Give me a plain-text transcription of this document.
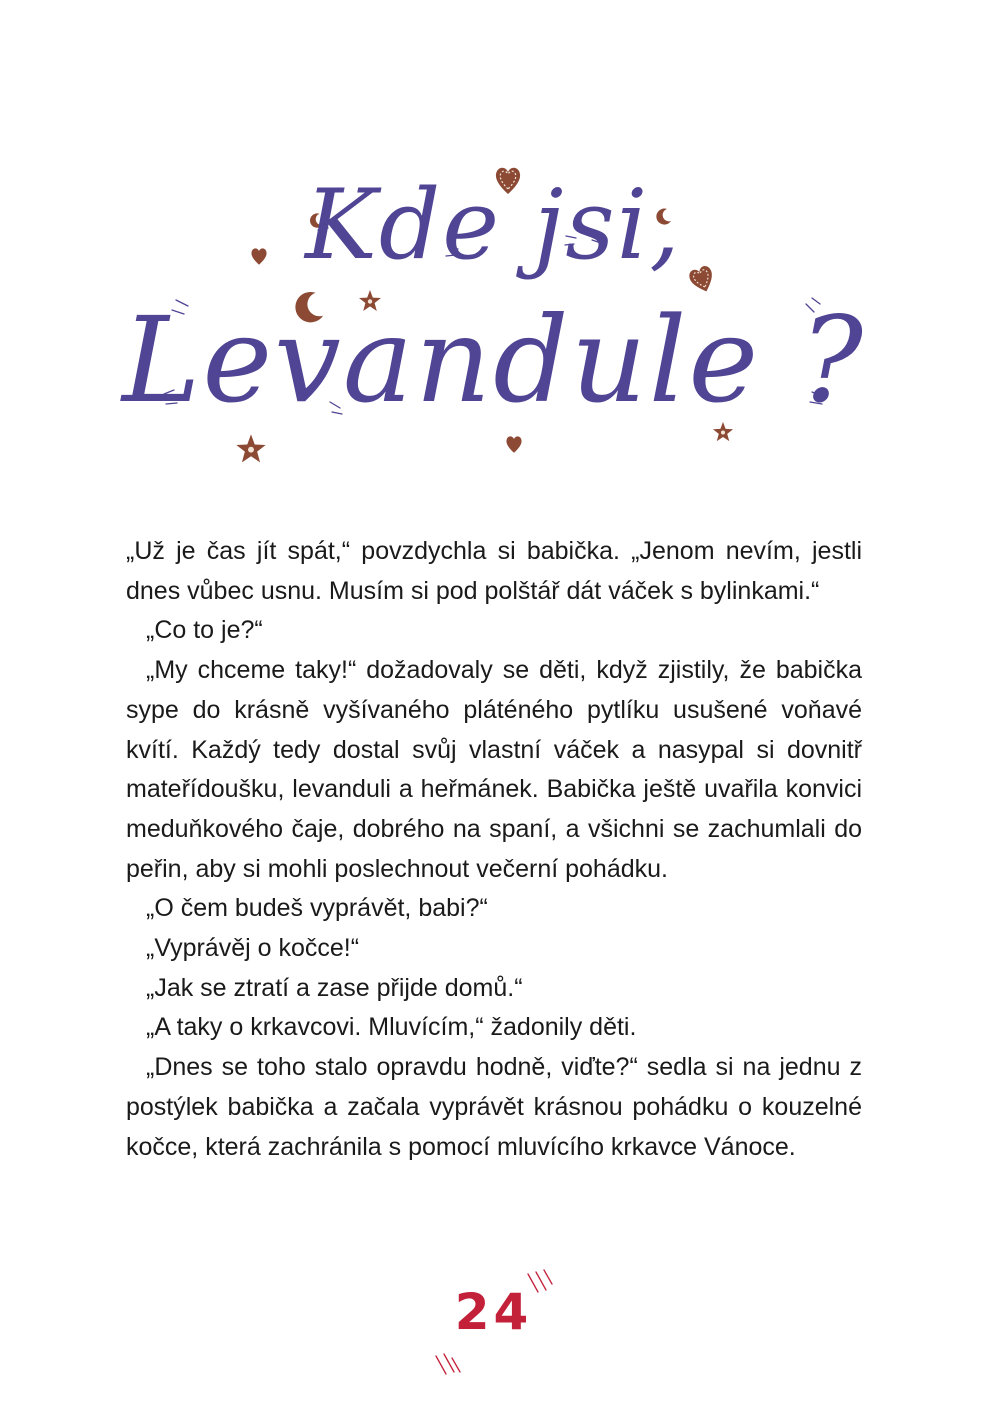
Kde jsi,
Levandule ?

„Už je čas jít spát,“ povzdychla si babička. „Jenom nevím, jestli dnes vůbec usnu. Musím si pod polštář dát váček s bylinkami.“

„Co to je?“

„My chceme taky!“ dožadovaly se děti, když zjistily, že babička sype do krásně vyšívaného pláténého pytlíku usušené voňavé kvítí. Každý tedy dostal svůj vlastní váček a nasypal si dovnitř mateřídoušku, levanduli a heřmánek. Babička ještě uvařila konvici meduňkového čaje, dobrého na spaní, a všichni se zachumlali do peřin, aby si mohli poslechnout večerní pohádku.

„O čem budeš vyprávět, babi?“

„Vyprávěj o kočce!“

„Jak se ztratí a zase přijde domů.“

„A taky o krkavcovi. Mluvícím,“ žadonily děti.

„Dnes se toho stalo opravdu hodně, viďte?“ sedla si na jednu z postýlek babička a začala vyprávět krásnou pohádku o kouzelné kočce, která zachránila s pomocí mluvícího krkavce Vánoce.

24
